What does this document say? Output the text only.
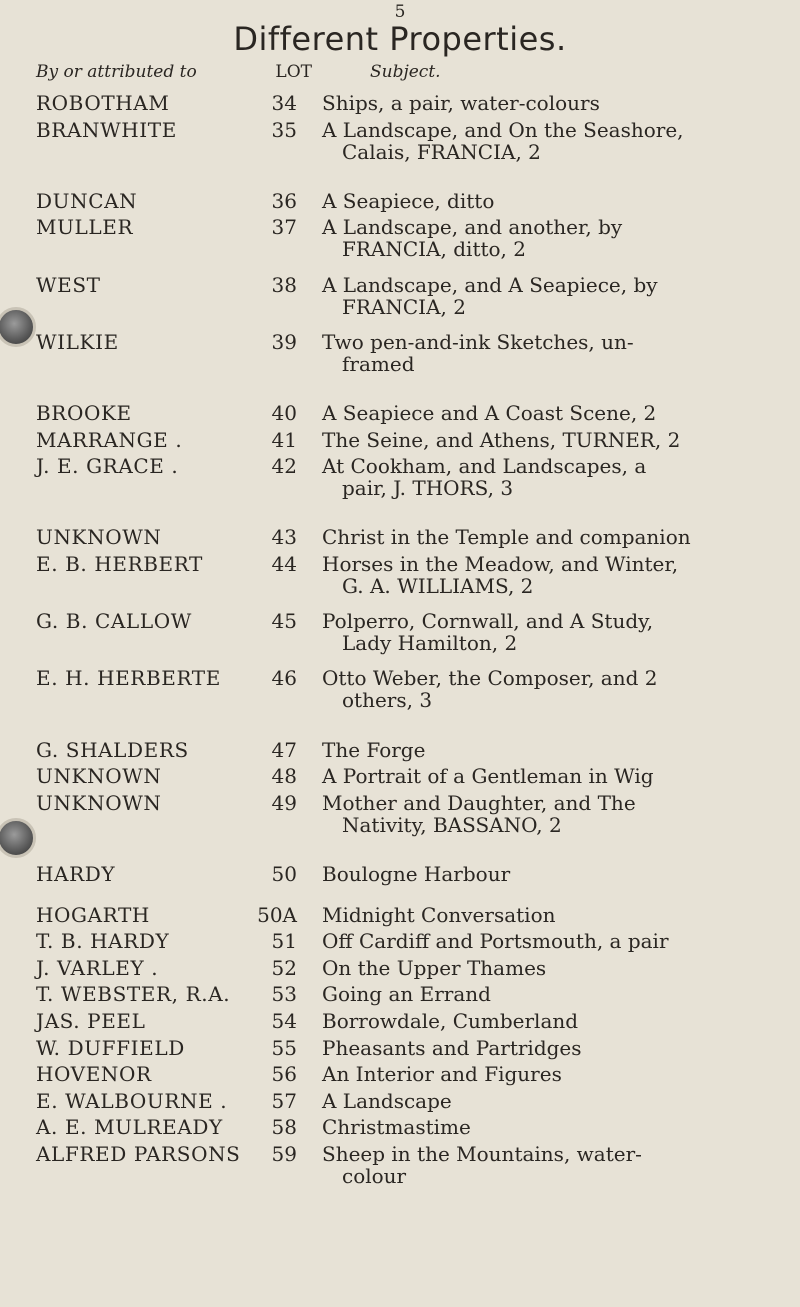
5
Different Properties.
By or attributed to	LOT	Subject.
ROBOTHAM	34 Ships, a pair, water-colours
BRANWHITE	35 A Landscape, and On the Seashore,
Calais, FRANCIA, 2
DUNCAN	36 A Seapiece, ditto
MULLER	37 A Landscape, and another, by
FRANCIA, ditto, 2
WEST	38 A Landscape, and A Seapiece, by
FRANCIA, 2
WILKIE	39 Two pen-and-ink Sketches, un-
framed
BROOKE	40 A Seapiece and A Coast Scene, 2
MARRANGE .	41 The Seine, and Athens, TURNER, 2
J. E. GRACE .	42 At Cookham, and Landscapes, a
pair, J. THORS, 3
UNKNOWN	43 Christ in the Temple and companion
E. B. HERBERT	44 Horses in the Meadow, and Winter,
G. A. WILLIAMS, 2
G. B. CALLOW	45 Polperro, Cornwall, and A Study,
Lady Hamilton, 2
E. H. HERBERTE	46 Otto Weber, the Composer, and 2
others, 3
G. SHALDERS	47 The Forge
UNKNOWN	48 A Portrait of a Gentleman in Wig
UNKNOWN	49 Mother and Daughter, and The
Nativity, BASSANO, 2
HARDY	50 Boulogne Harbour
HOGARTH	50A Midnight Conversation
T. B. HARDY	51 Off Cardiff and Portsmouth, a pair
J. VARLEY .	52 On the Upper Thames
T. WEBSTER, R.A.	53 Going an Errand
JAS. PEEL	54 Borrowdale, Cumberland
W. DUFFIELD	55 Pheasants and Partridges
HOVENOR	56 An Interior and Figures
E. WALBOURNE .	57 A Landscape
A. E. MULREADY	58 Christmastime
ALFRED PARSONS	59 Sheep in the Mountains, water-
colour
